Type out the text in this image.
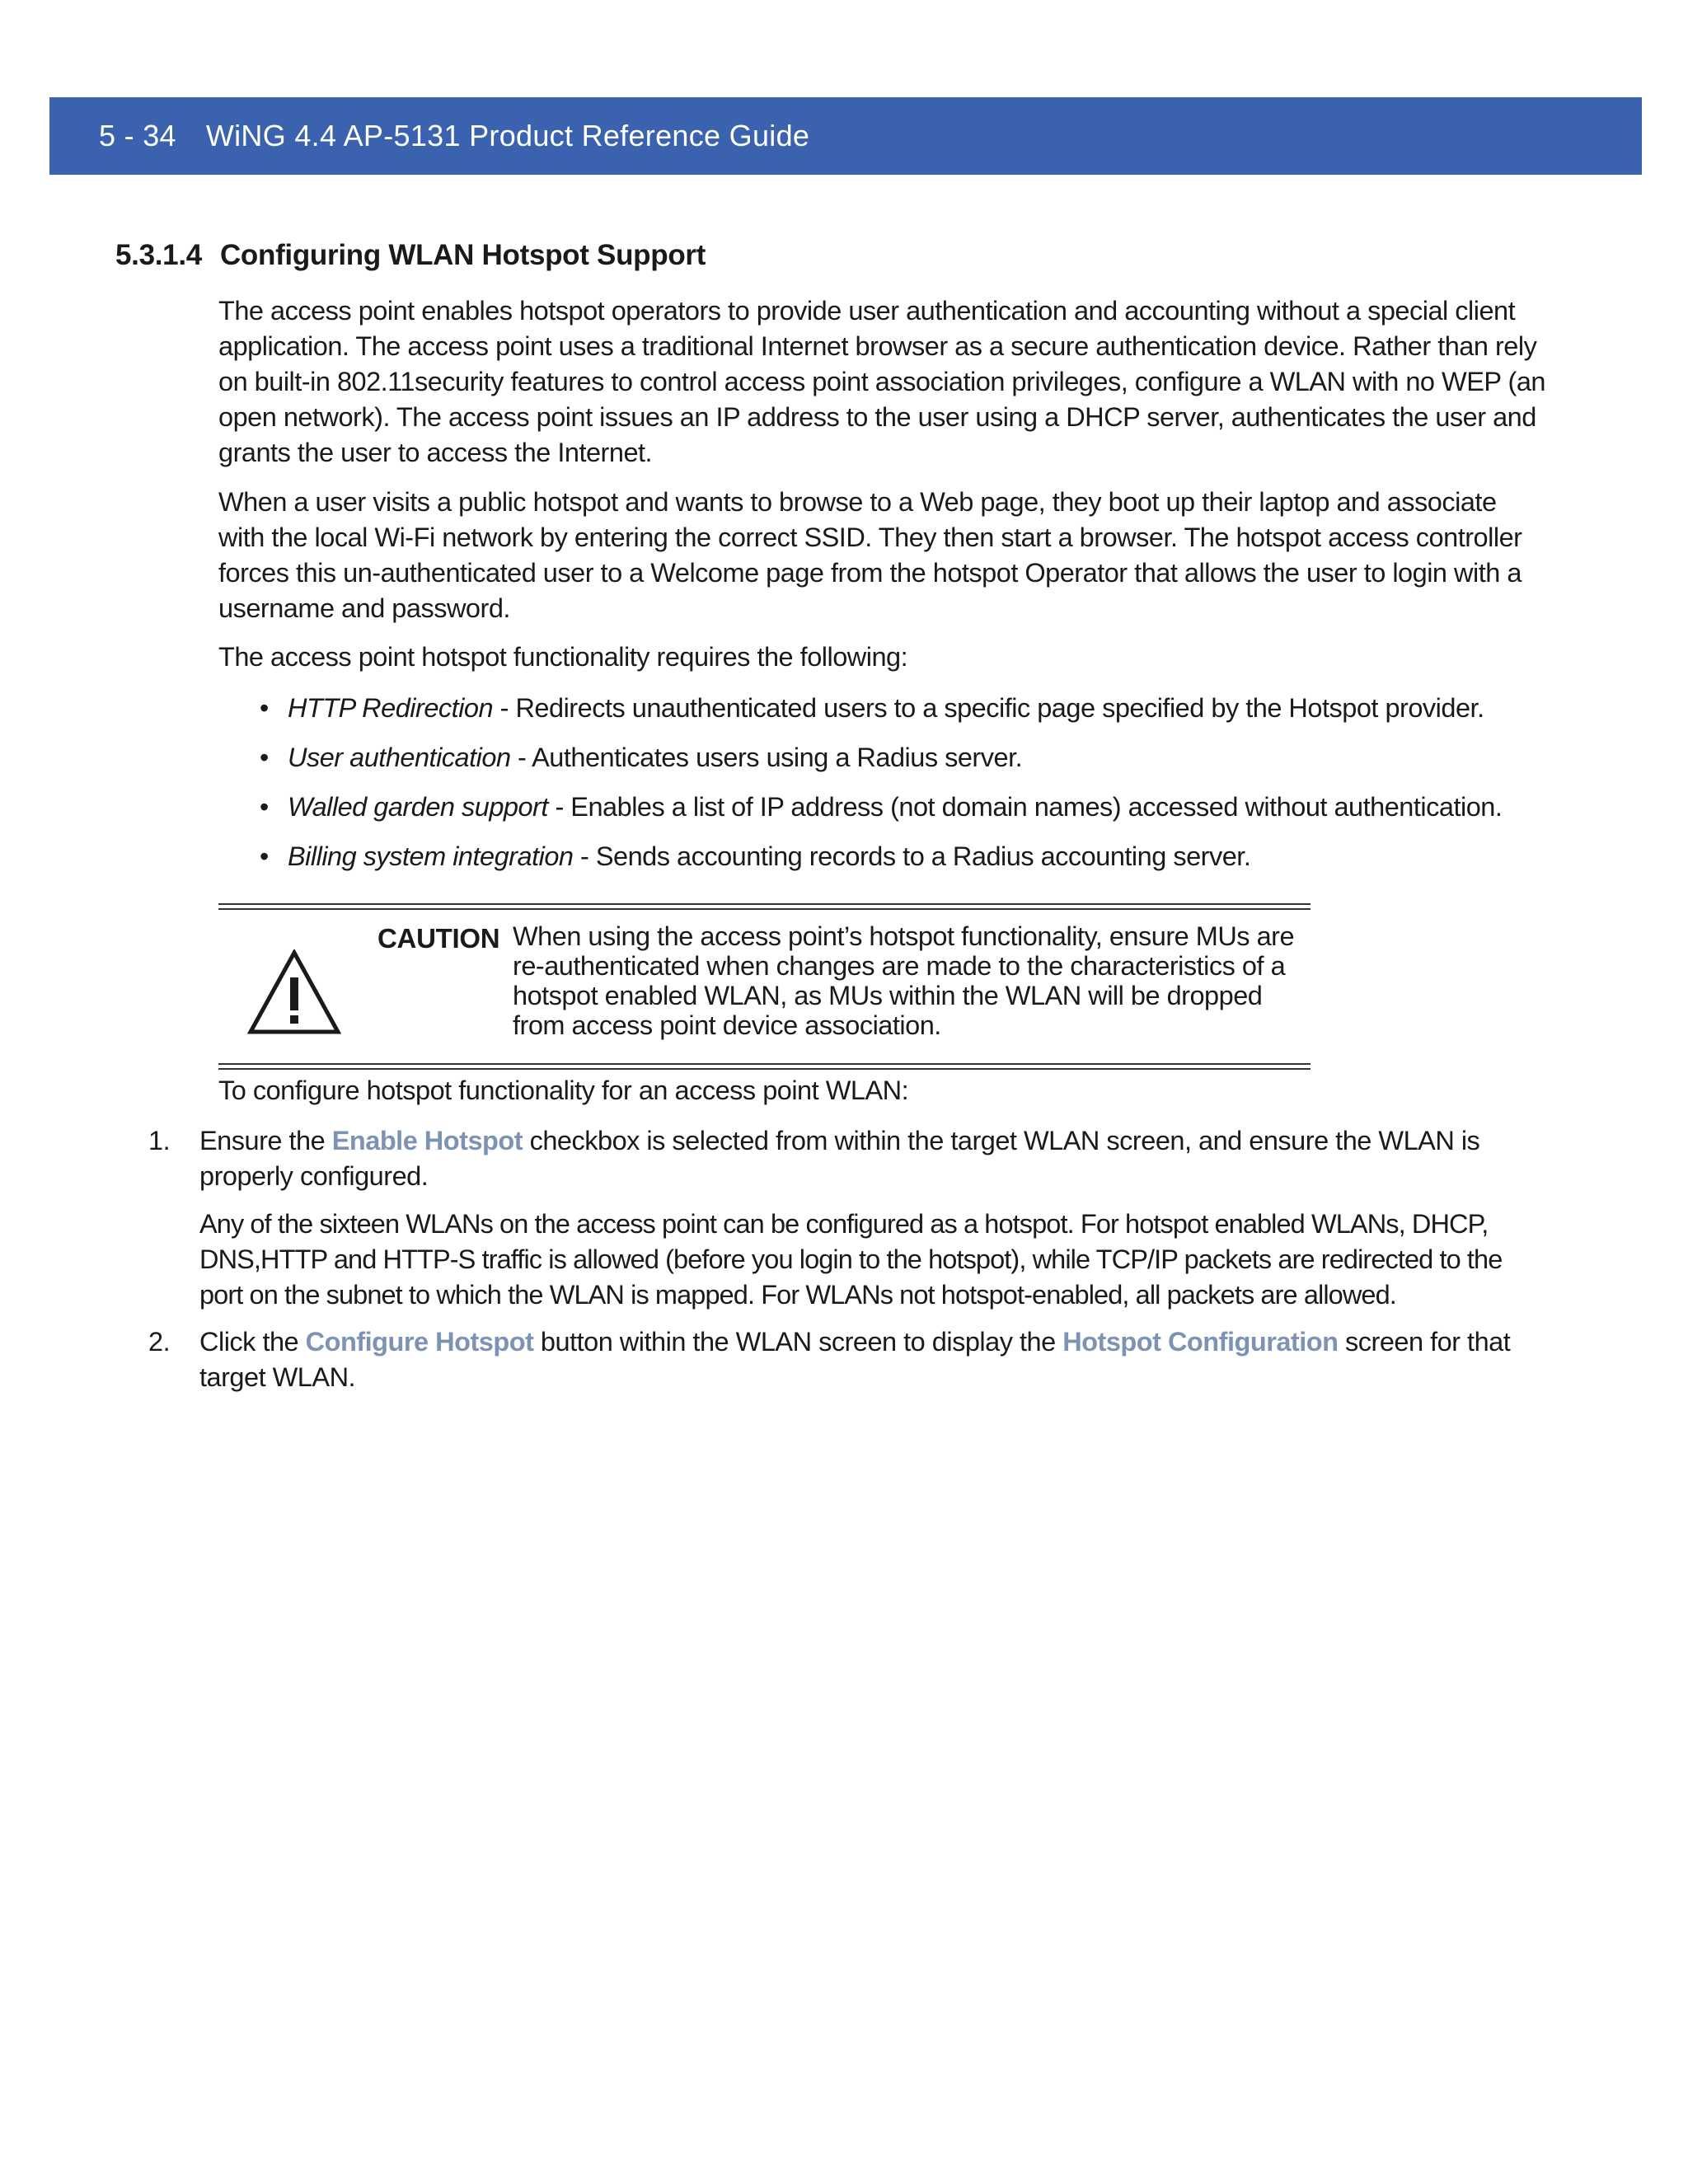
5 - 34 WiNG 4.4 AP-5131 Product Reference Guide
5.3.1.4 Configuring WLAN Hotspot Support
The access point enables hotspot operators to provide user authentication and accounting without a special client application. The access point uses a traditional Internet browser as a secure authentication device. Rather than rely on built-in 802.11security features to control access point association privileges, configure a WLAN with no WEP (an open network). The access point issues an IP address to the user using a DHCP server, authenticates the user and grants the user to access the Internet.
When a user visits a public hotspot and wants to browse to a Web page, they boot up their laptop and associate with the local Wi-Fi network by entering the correct SSID. They then start a browser. The hotspot access controller forces this un-authenticated user to a Welcome page from the hotspot Operator that allows the user to login with a username and password.
The access point hotspot functionality requires the following:
• HTTP Redirection - Redirects unauthenticated users to a specific page specified by the Hotspot provider.
• User authentication - Authenticates users using a Radius server.
• Walled garden support - Enables a list of IP address (not domain names) accessed without authentication.
• Billing system integration - Sends accounting records to a Radius accounting server.
CAUTION When using the access point’s hotspot functionality, ensure MUs are re-authenticated when changes are made to the characteristics of a hotspot enabled WLAN, as MUs within the WLAN will be dropped from access point device association.
To configure hotspot functionality for an access point WLAN:
1. Ensure the Enable Hotspot checkbox is selected from within the target WLAN screen, and ensure the WLAN is properly configured.
Any of the sixteen WLANs on the access point can be configured as a hotspot. For hotspot enabled WLANs, DHCP, DNS,HTTP and HTTP-S traffic is allowed (before you login to the hotspot), while TCP/IP packets are redirected to the port on the subnet to which the WLAN is mapped. For WLANs not hotspot-enabled, all packets are allowed.
2. Click the Configure Hotspot button within the WLAN screen to display the Hotspot Configuration screen for that target WLAN.
